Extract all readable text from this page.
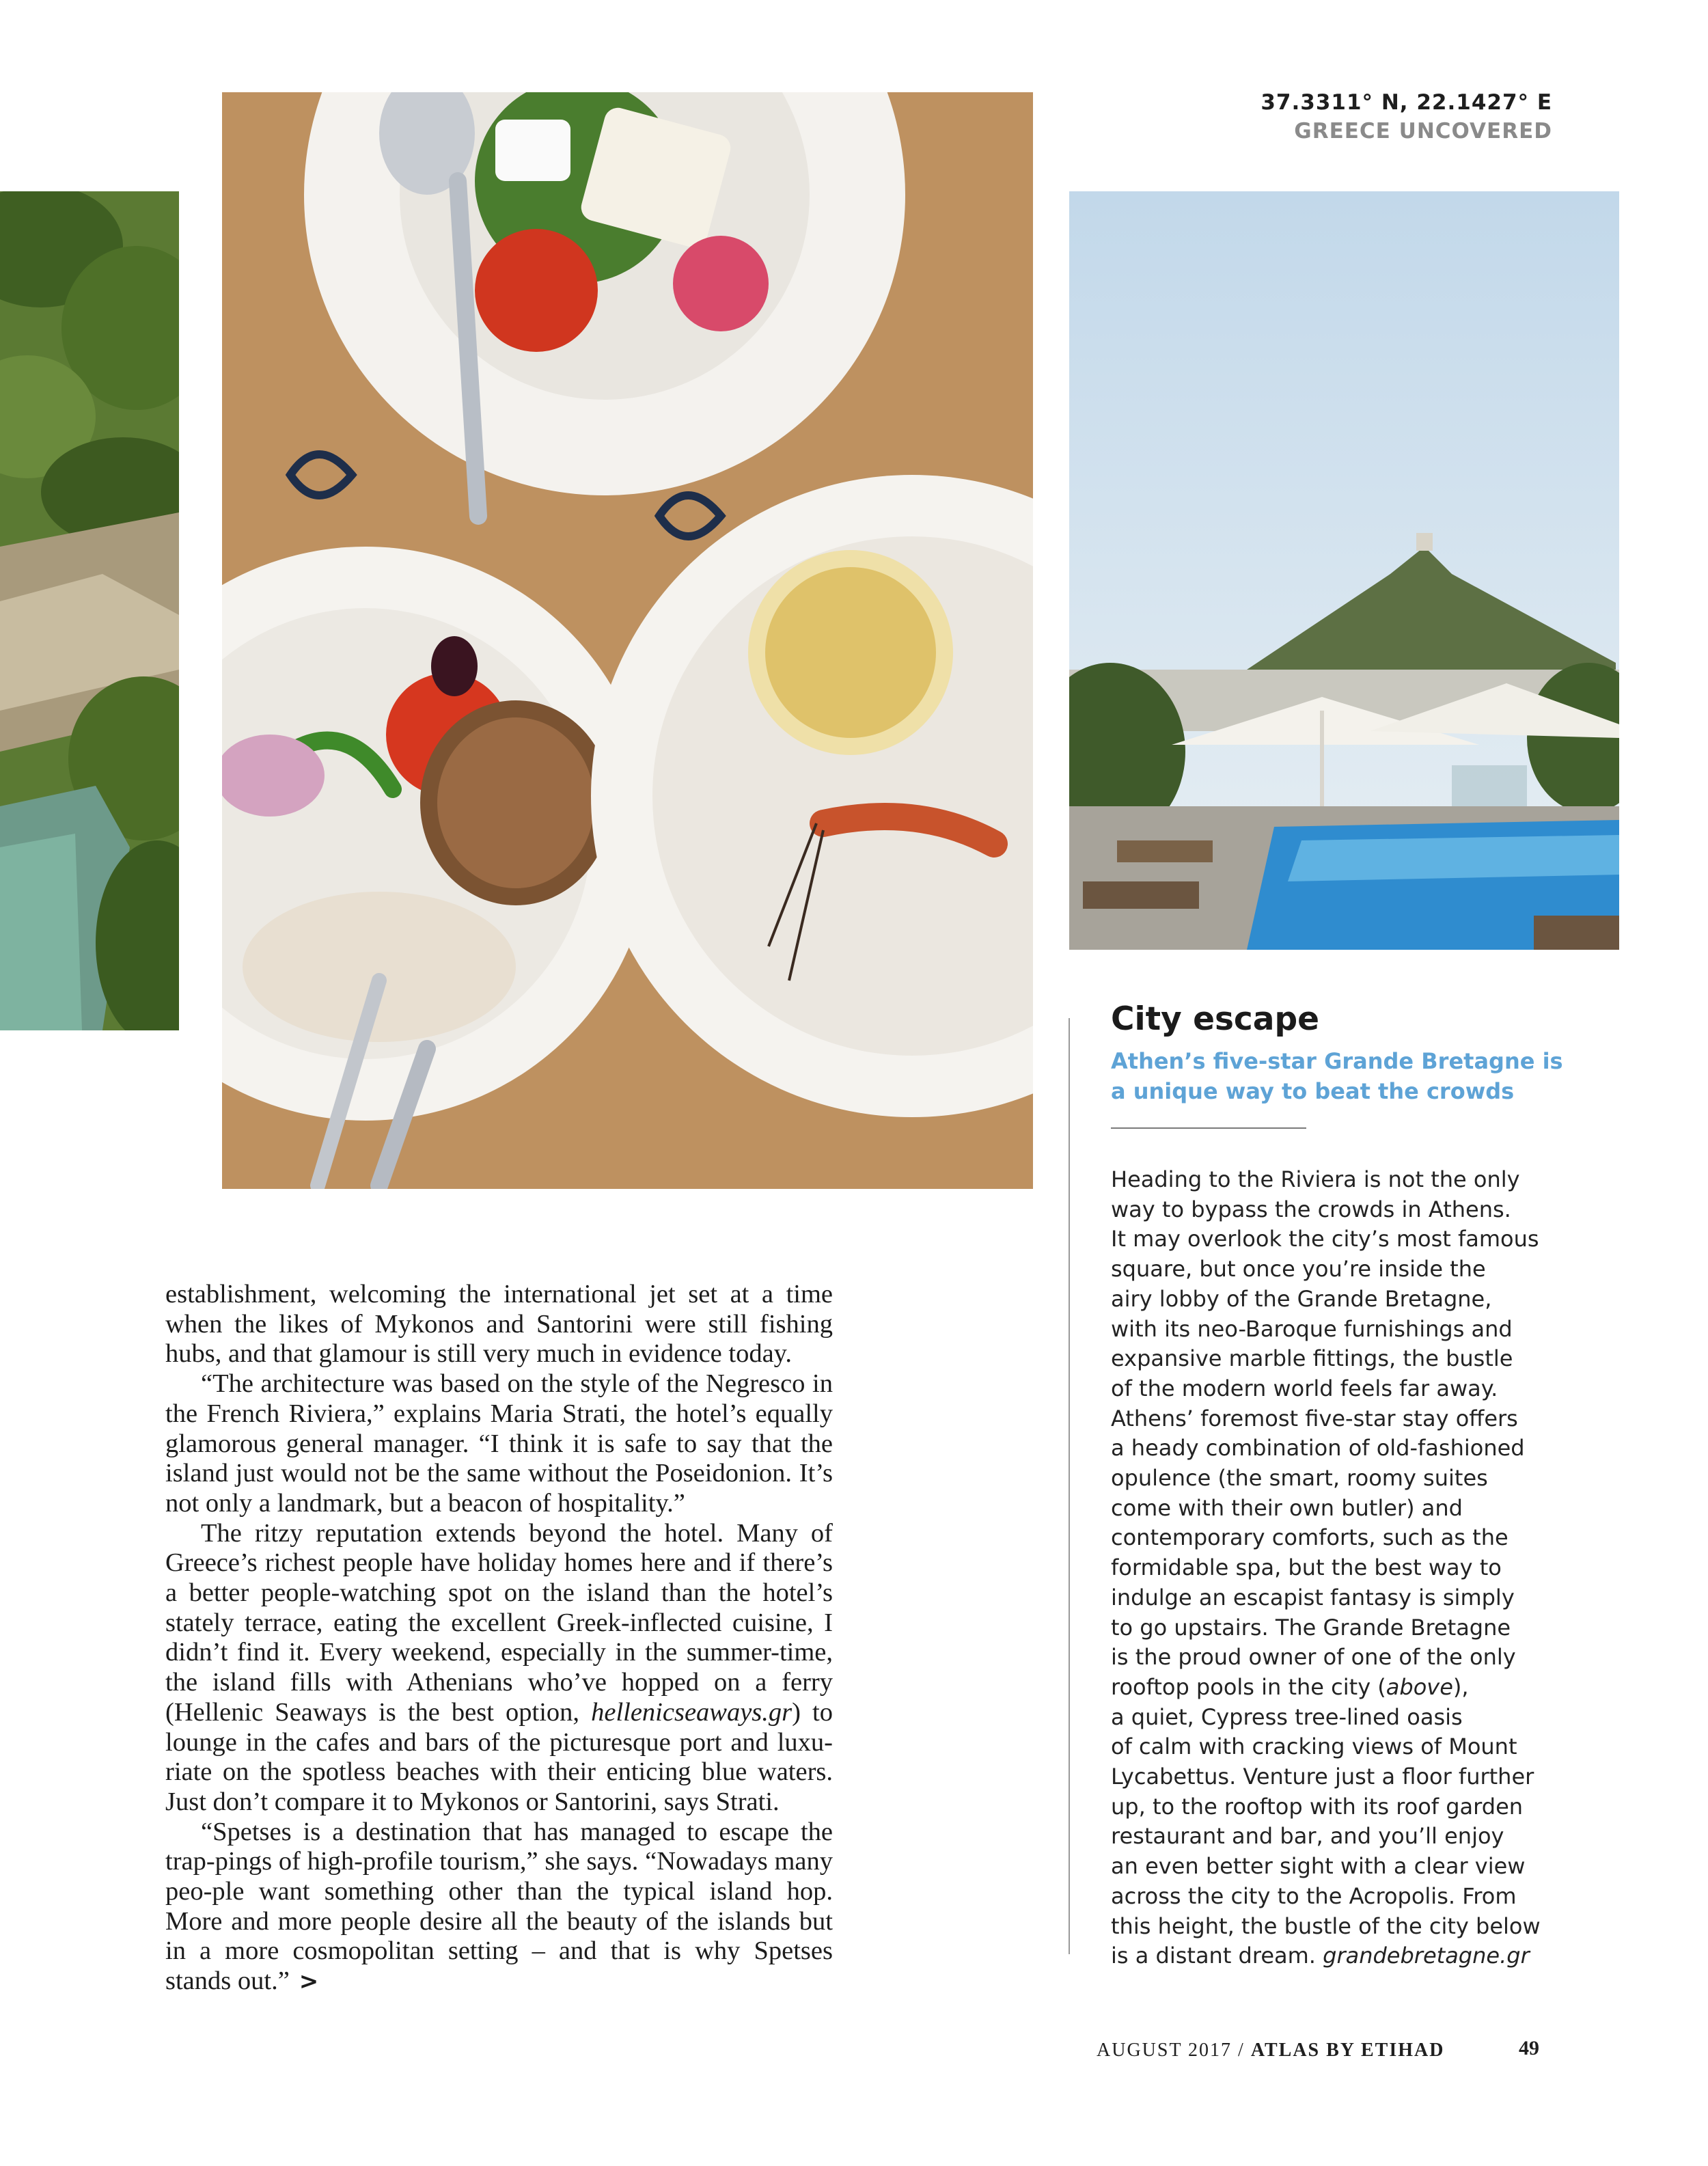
37.3311° N, 22.1427° E
GREECE UNCOVERED

establishment, welcoming the international jet set at a time when the likes of Mykonos and Santorini were still fishing hubs, and that glamour is still very much in evidence today.

“The architecture was based on the style of the Negresco in the French Riviera,” explains Maria Strati, the hotel’s equally glamorous general manager. “I think it is safe to say that the island just would not be the same without the Poseidonion. It’s not only a landmark, but a beacon of hospitality.”

The ritzy reputation extends beyond the hotel. Many of Greece’s richest people have holiday homes here and if there’s a better people-watching spot on the island than the hotel’s stately terrace, eating the excellent Greek-inflected cuisine, I didn’t find it. Every weekend, especially in the summer-time, the island fills with Athenians who’ve hopped on a ferry (Hellenic Seaways is the best option, hellenicseaways.gr) to lounge in the cafes and bars of the picturesque port and luxu-riate on the spotless beaches with their enticing blue waters. Just don’t compare it to Mykonos or Santorini, says Strati.

“Spetses is a destination that has managed to escape the trap-pings of high-profile tourism,” she says. “Nowadays many peo-ple want something other than the typical island hop. More and more people desire all the beauty of the islands but in a more cosmopolitan setting – and that is why Spetses stands out.” >

City escape

Athen’s five-star Grande Bretagne is a unique way to beat the crowds

Heading to the Riviera is not the only
way to bypass the crowds in Athens.
It may overlook the city’s most famous
square, but once you’re inside the
airy lobby of the Grande Bretagne,
with its neo-Baroque furnishings and
expansive marble fittings, the bustle
of the modern world feels far away.
Athens’ foremost five-star stay offers
a heady combination of old-fashioned
opulence (the smart, roomy suites
come with their own butler) and
contemporary comforts, such as the
formidable spa, but the best way to
indulge an escapist fantasy is simply
to go upstairs. The Grande Bretagne
is the proud owner of one of the only
rooftop pools in the city (above),
a quiet, Cypress tree-lined oasis
of calm with cracking views of Mount
Lycabettus. Venture just a floor further
up, to the rooftop with its roof garden
restaurant and bar, and you’ll enjoy
an even better sight with a clear view
across the city to the Acropolis. From
this height, the bustle of the city below
is a distant dream. grandebretagne.gr

AUGUST 2017 / ATLAS BY ETIHAD	49
